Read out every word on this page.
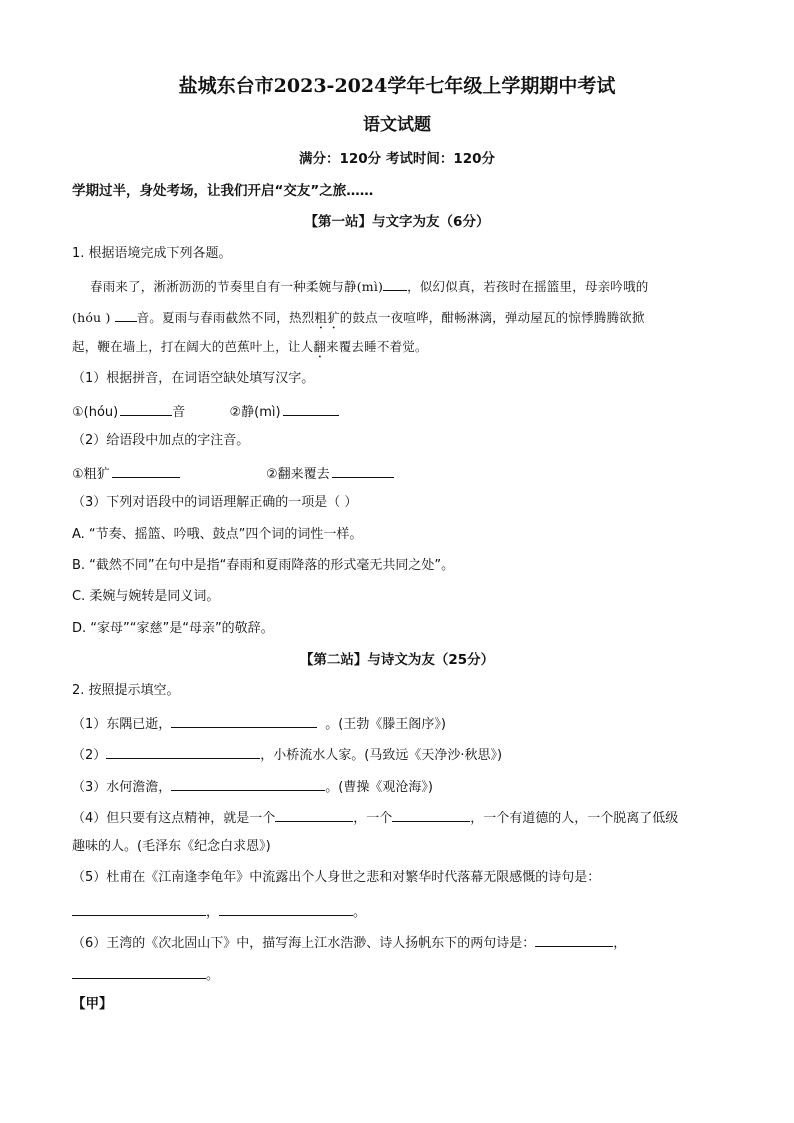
盐城东台市2023-2024学年七年级上学期期中考试
语文试题
满分：120分 考试时间：120分
学期过半，身处考场，让我们开启“交友”之旅……
【第一站】与文字为友（6分）
1. 根据语境完成下列各题。
春雨来了，淅淅沥沥的节奏里自有一种柔婉与静(mì) ，似幻似真，若孩时在摇篮里，母亲吟哦的
(hóu ) 音。夏雨与春雨截然不同，热烈粗犷的鼓点一夜喧哗，酣畅淋漓，弹动屋瓦的惊悸腾腾欲掀
起，鞭在墙上，打在阔大的芭蕉叶上，让人翻来覆去睡不着觉。
（1）根据拼音，在词语空缺处填写汉字。
①(hóu)	音	②静(mì)
（2）给语段中加点的字注音。
①粗犷	②翻来覆去
（3）下列对语段中的词语理解正确的一项是（ ）
A. “节奏、摇篮、吟哦、鼓点”四个词的词性一样。
B. “截然不同”在句中是指“春雨和夏雨降落的形式毫无共同之处”。
C. 柔婉与婉转是同义词。
D. “家母”“家慈”是“母亲”的敬辞。
【第二站】与诗文为友（25分）
2. 按照提示填空。
（1）东隅已逝，	。(王勃《滕王阁序》)
（2）	，小桥流水人家。(马致远《天净沙·秋思》)
（3）水何澹澹，	。(曹操《观沧海》)
（4）但只要有这点精神，就是一个	，一个	，一个有道德的人，一个脱离了低级
趣味的人。(毛泽东《纪念白求恩》)
（5）杜甫在《江南逢李龟年》中流露出个人身世之悲和对繁华时代落幕无限感慨的诗句是：
，	。
（6）王湾的《次北固山下》中，描写海上江水浩渺、诗人扬帆东下的两句诗是：	，
。
【甲】
